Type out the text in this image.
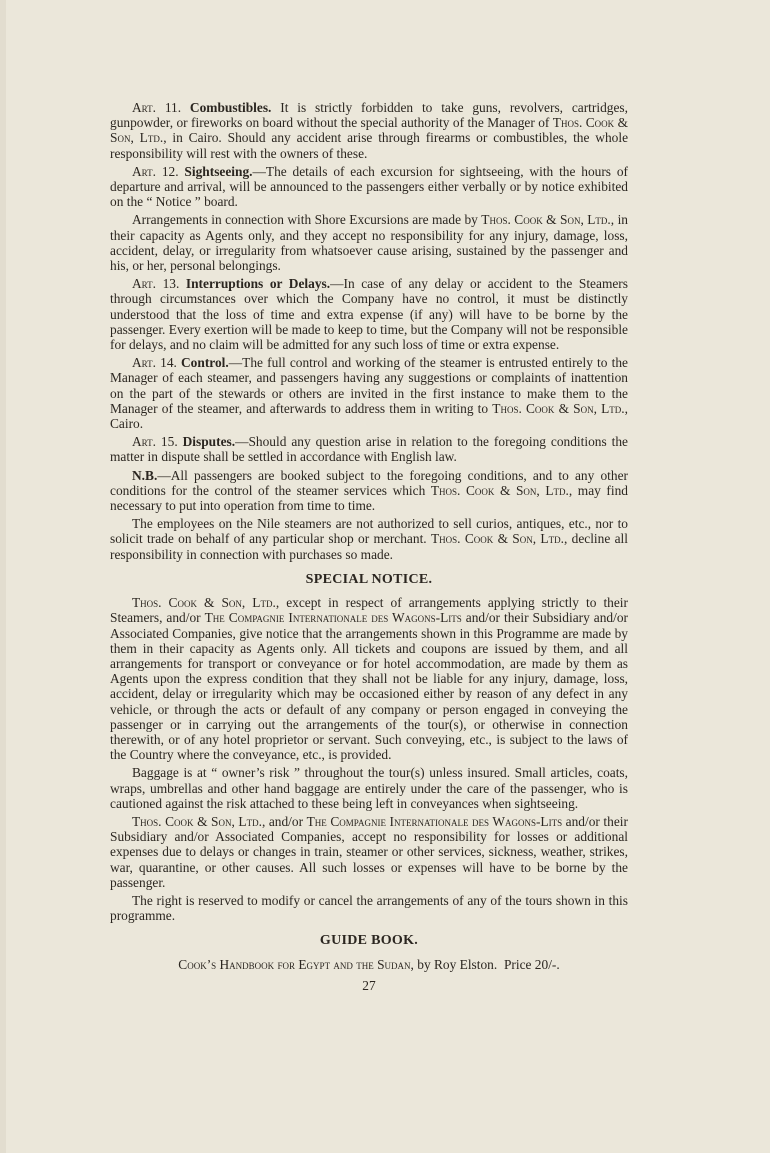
Art. 11. Combustibles. It is strictly forbidden to take guns, revolvers, cartridges, gunpowder, or fireworks on board without the special authority of the Manager of Thos. Cook & Son, Ltd., in Cairo. Should any accident arise through firearms or combustibles, the whole responsibility will rest with the owners of these.

Art. 12. Sightseeing.—The details of each excursion for sightseeing, with the hours of departure and arrival, will be announced to the passengers either verbally or by notice exhibited on the “ Notice ” board.

Arrangements in connection with Shore Excursions are made by Thos. Cook & Son, Ltd., in their capacity as Agents only, and they accept no responsibility for any injury, damage, loss, accident, delay, or irregularity from whatsoever cause arising, sustained by the passenger and his, or her, personal belongings.

Art. 13. Interruptions or Delays.—In case of any delay or accident to the Steamers through circumstances over which the Company have no control, it must be distinctly understood that the loss of time and extra expense (if any) will have to be borne by the passenger. Every exertion will be made to keep to time, but the Company will not be responsible for delays, and no claim will be admitted for any such loss of time or extra expense.

Art. 14. Control.—The full control and working of the steamer is entrusted entirely to the Manager of each steamer, and passengers having any suggestions or complaints of inattention on the part of the stewards or others are invited in the first instance to make them to the Manager of the steamer, and afterwards to address them in writing to Thos. Cook & Son, Ltd., Cairo.

Art. 15. Disputes.—Should any question arise in relation to the foregoing conditions the matter in dispute shall be settled in accordance with English law.

N.B.—All passengers are booked subject to the foregoing conditions, and to any other conditions for the control of the steamer services which Thos. Cook & Son, Ltd., may find necessary to put into operation from time to time.

The employees on the Nile steamers are not authorized to sell curios, antiques, etc., nor to solicit trade on behalf of any particular shop or merchant. Thos. Cook & Son, Ltd., decline all responsibility in connection with purchases so made.

SPECIAL NOTICE.

Thos. Cook & Son, Ltd., except in respect of arrangements applying strictly to their Steamers, and/or The Compagnie Internationale des Wagons-Lits and/or their Subsidiary and/or Associated Companies, give notice that the arrangements shown in this Programme are made by them in their capacity as Agents only. All tickets and coupons are issued by them, and all arrangements for transport or conveyance or for hotel accommodation, are made by them as Agents upon the express condition that they shall not be liable for any injury, damage, loss, accident, delay or irregularity which may be occasioned either by reason of any defect in any vehicle, or through the acts or default of any company or person engaged in conveying the passenger or in carrying out the arrangements of the tour(s), or otherwise in connection therewith, or of any hotel proprietor or servant. Such conveying, etc., is subject to the laws of the Country where the conveyance, etc., is provided.

Baggage is at “ owner’s risk ” throughout the tour(s) unless insured. Small articles, coats, wraps, umbrellas and other hand baggage are entirely under the care of the passenger, who is cautioned against the risk attached to these being left in conveyances when sightseeing.

Thos. Cook & Son, Ltd., and/or The Compagnie Internationale des Wagons-Lits and/or their Subsidiary and/or Associated Companies, accept no responsibility for losses or additional expenses due to delays or changes in train, steamer or other services, sickness, weather, strikes, war, quarantine, or other causes. All such losses or expenses will have to be borne by the passenger.

The right is reserved to modify or cancel the arrangements of any of the tours shown in this programme.

GUIDE BOOK.

Cook’s Handbook for Egypt and the Sudan, by Roy Elston. Price 20/-.

27
